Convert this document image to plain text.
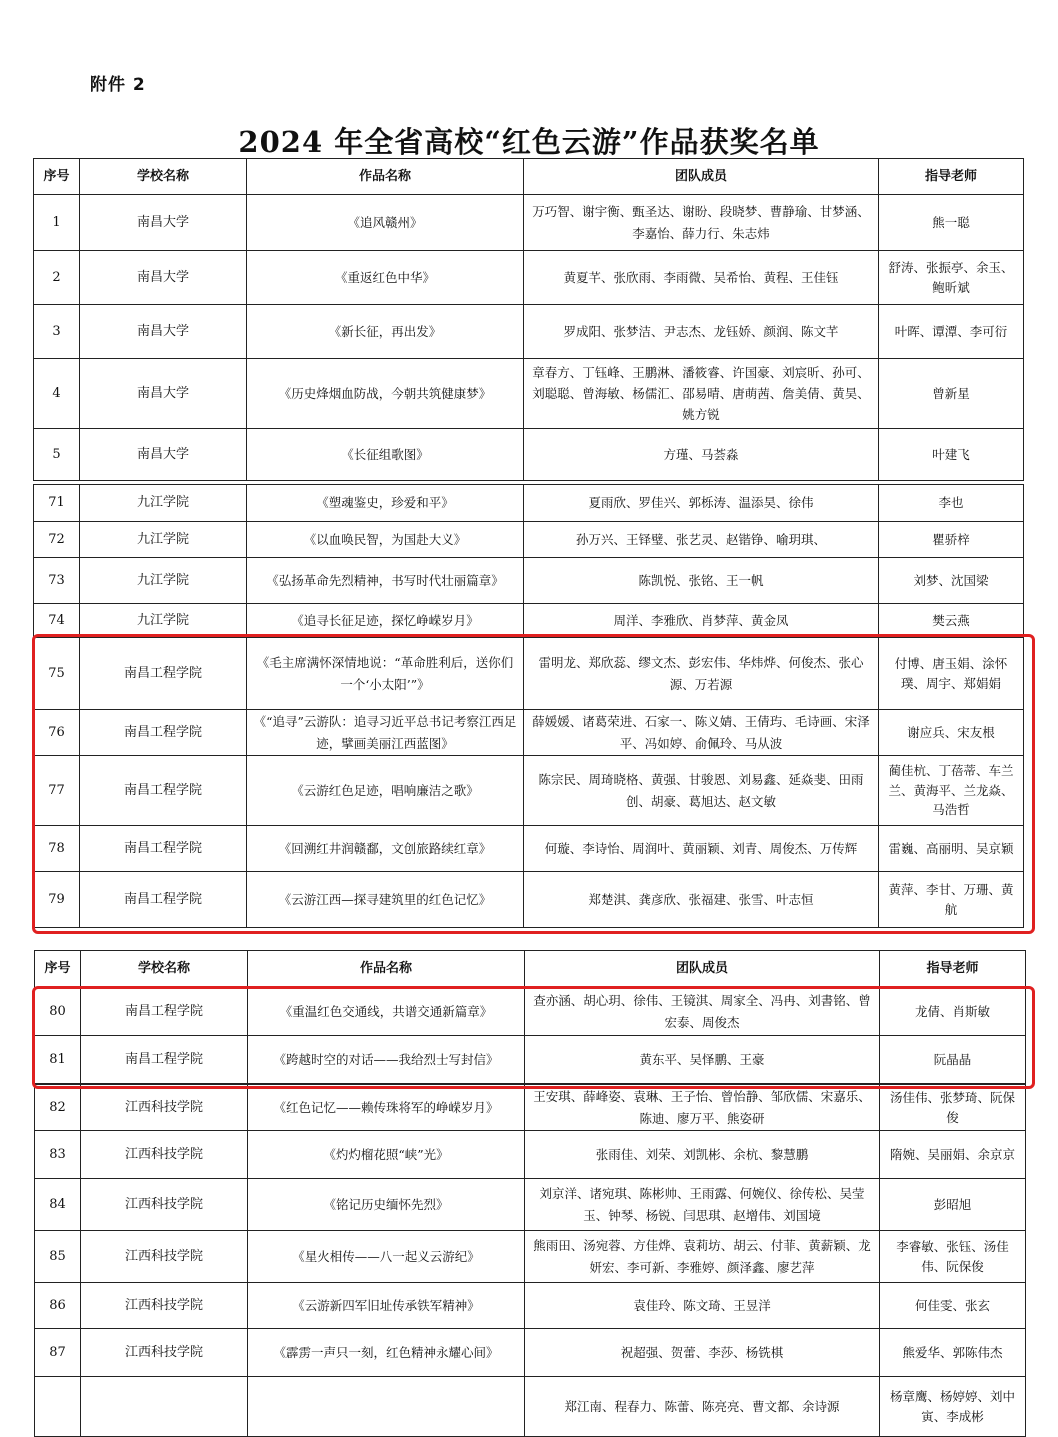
附件 2
2024 年全省高校“红色云游”作品获奖名单
序号	学校名称	作品名称	团队成员	指导老师
1	南昌大学	《追风赣州》	万巧智、谢宇衡、甄圣达、谢盼、段晓梦、曹静瑜、甘梦涵、李嘉怡、薛力行、朱志炜	熊一聪
2	南昌大学	《重返红色中华》	黄夏芊、张欣雨、李雨微、吴希怡、黄程、王佳钰	舒涛、张振亭、余玉、鲍昕斌
3	南昌大学	《新长征，再出发》	罗成阳、张梦洁、尹志杰、龙钰娇、颜润、陈文芊	叶晖、谭潭、李可衍
4	南昌大学	《历史烽烟血防战，今朝共筑健康梦》	章春方、丁钰峰、王鹏淋、潘筱睿、许国豪、刘宸昕、孙可、刘聪聪、曾海敏、杨儒汇、邵易晴、唐萌茜、詹美倩、黄昊、姚方锐	曾新星
5	南昌大学	《长征组歌图》	方瑾、马荟淼	叶建飞
71	九江学院	《塑魂鉴史，珍爱和平》	夏雨欣、罗佳兴、郭栎涛、温添昊、徐伟	李也
72	九江学院	《以血唤民智，为国赴大义》	孙万兴、王铎璧、张艺灵、赵锴铮、喻玥琪、	瞿骄梓
73	九江学院	《弘扬革命先烈精神，书写时代壮丽篇章》	陈凯悦、张铭、王一帆	刘梦、沈国梁
74	九江学院	《追寻长征足迹，探忆峥嵘岁月》	周洋、李雅欣、肖梦萍、黄金凤	樊云燕
75	南昌工程学院	《毛主席满怀深情地说：“革命胜利后，送你们一个‘小太阳’”》	雷明龙、郑欣蕊、缪文杰、彭宏伟、华炜烨、何俊杰、张心源、万若源	付博、唐玉娟、涂怀璞、周宇、郑娟娟
76	南昌工程学院	《“追寻”云游队：追寻习近平总书记考察江西足迹，擘画美丽江西蓝图》	薛媛媛、诸葛荣进、石家一、陈义婧、王倩玙、毛诗画、宋泽平、冯如婷、俞佩玲、马从波	谢应兵、宋友根
77	南昌工程学院	《云游红色足迹，唱响廉洁之歌》	陈宗民、周琦晓格、黄强、甘骏恩、刘易鑫、延焱斐、田雨创、胡豪、葛旭达、赵文敏	蔺佳杭、丁蓓蒂、车兰兰、黄海平、兰龙焱、马浩哲
78	南昌工程学院	《回溯红井润赣鄱，文创旅路续红章》	何璇、李诗怡、周润叶、黄丽颖、刘青、周俊杰、万传辉	雷巍、高丽明、吴京颖
79	南昌工程学院	《云游江西—探寻建筑里的红色记忆》	郑楚淇、龚彦欣、张福建、张雪、叶志恒	黄萍、李甘、万珊、黄航
序号	学校名称	作品名称	团队成员	指导老师
80	南昌工程学院	《重温红色交通线，共谱交通新篇章》	查亦涵、胡心玥、徐伟、王镜淇、周家全、冯冉、刘書铭、曾宏泰、周俊杰	龙倩、肖斯敏
81	南昌工程学院	《跨越时空的对话——我给烈士写封信》	黄东平、吴怿鹏、王豪	阮晶晶
82	江西科技学院	《红色记忆——赖传珠将军的峥嵘岁月》	王安琪、薛峰姿、袁琳、王子怡、曾怡静、邹欣儒、宋嘉乐、陈迪、廖万平、熊姿研	汤佳伟、张梦琦、阮保俊
83	江西科技学院	《灼灼榴花照“峡”光》	张雨佳、刘荣、刘凯彬、余杭、黎慧鹏	隋婉、吴丽娟、余京京
84	江西科技学院	《铭记历史缅怀先烈》	刘京洋、诸宛琪、陈彬帅、王雨露、何婉仪、徐传松、吴莹玉、钟琴、杨锐、闫思琪、赵增伟、刘国境	彭昭旭
85	江西科技学院	《星火相传——八一起义云游纪》	熊雨田、汤宛蓉、方佳烨、袁莉坊、胡云、付菲、黄薪颖、龙妍宏、李可新、李雅婷、颜泽鑫、廖艺萍	李睿敏、张钰、汤佳伟、阮保俊
86	江西科技学院	《云游新四军旧址传承铁军精神》	袁佳玲、陈文琦、王昱洋	何佳雯、张玄
87	江西科技学院	《霹雳一声只一刻，红色精神永耀心间》	祝超强、贺蕾、李莎、杨铣棋	熊爱华、郭陈伟杰
			郑江南、程春力、陈蕾、陈亮亮、曹文都、余诗源	杨章鹰、杨婷婷、刘中寅、李成彬
